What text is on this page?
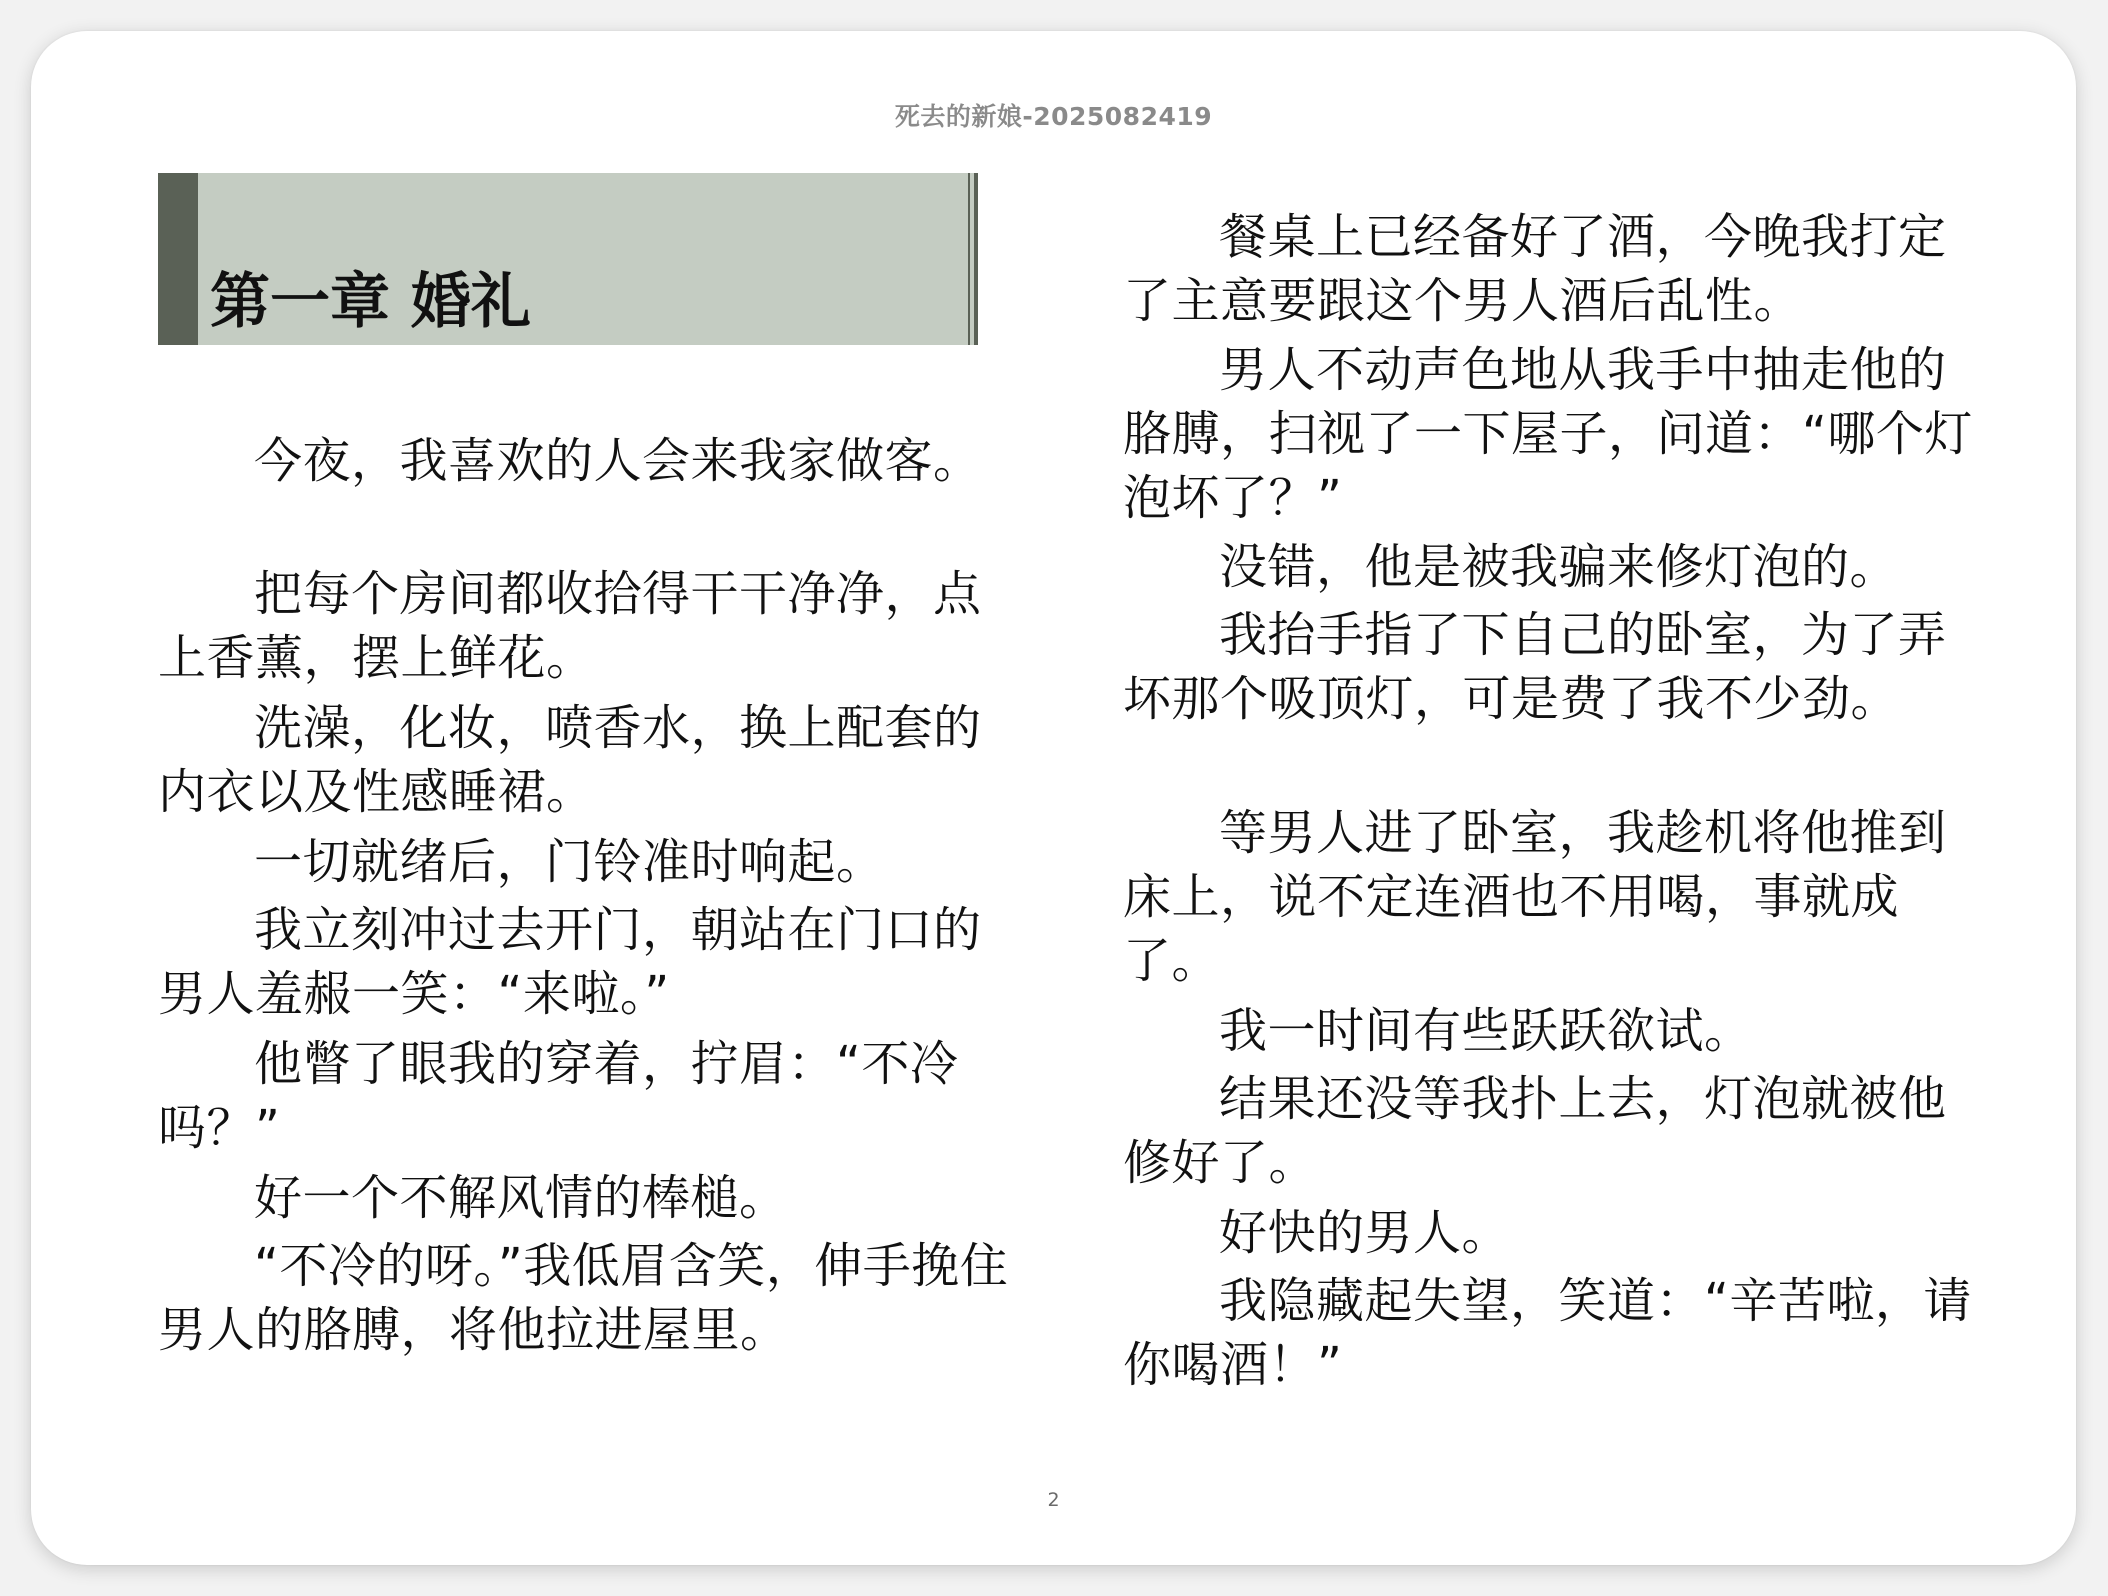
死去的新娘-2025082419
第一章 婚礼

今夜，我喜欢的人会来我家做客。

把每个房间都收拾得干干净净，点上香薰，摆上鲜花。

洗澡，化妆，喷香水，换上配套的内衣以及性感睡裙。

一切就绪后，门铃准时响起。

我立刻冲过去开门，朝站在门口的男人羞赧一笑：“来啦。”

他瞥了眼我的穿着，拧眉：“不冷吗？”

好一个不解风情的棒槌。

“不冷的呀。”我低眉含笑，伸手挽住男人的胳膊，将他拉进屋里。

餐桌上已经备好了酒，今晚我打定了主意要跟这个男人酒后乱性。

男人不动声色地从我手中抽走他的胳膊，扫视了一下屋子，问道：“哪个灯泡坏了？”

没错，他是被我骗来修灯泡的。

我抬手指了下自己的卧室，为了弄坏那个吸顶灯，可是费了我不少劲。

等男人进了卧室，我趁机将他推到床上，说不定连酒也不用喝，事就成了。

我一时间有些跃跃欲试。

结果还没等我扑上去，灯泡就被他修好了。

好快的男人。

我隐藏起失望，笑道：“辛苦啦，请你喝酒！”

2
